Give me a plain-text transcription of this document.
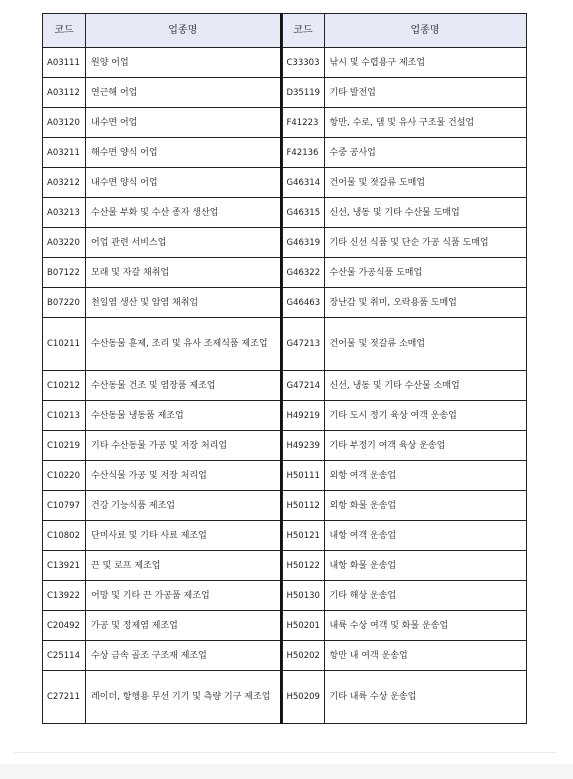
코드	업종명
A03111	원양 어업
A03112	연근해 어업
A03120	내수면 어업
A03211	해수면 양식 어업
A03212	내수면 양식 어업
A03213	수산물 부화 및 수산 종자 생산업
A03220	어업 관련 서비스업
B07122	모래 및 자갈 채취업
B07220	천일염 생산 및 암염 채취업
C10211	수산동물 훈제, 조리 및 유사 조제식품 제조업
C10212	수산동물 건조 및 염장품 제조업
C10213	수산동물 냉동품 제조업
C10219	기타 수산동물 가공 및 저장 처리업
C10220	수산식물 가공 및 저장 처리업
C10797	건강 기능식품 제조업
C10802	단미사료 및 기타 사료 제조업
C13921	끈 및 로프 제조업
C13922	어망 및 기타 끈 가공품 제조업
C20492	가공 및 정제염 제조업
C25114	수상 금속 골조 구조재 제조업
C27211	레이더, 항행용 무선 기기 및 측량 기구 제조업
코드	업종명
C33303	낚시 및 수렵용구 제조업
D35119	기타 발전업
F41223	항만, 수로, 댐 및 유사 구조물 건설업
F42136	수중 공사업
G46314	건어물 및 젓갈류 도매업
G46315	신선, 냉동 및 기타 수산물 도매업
G46319	기타 신선 식품 및 단순 가공 식품 도매업
G46322	수산물 가공식품 도매업
G46463	장난감 및 취미, 오락용품 도매업
G47213	건어물 및 젓갈류 소매업
G47214	신선, 냉동 및 기타 수산물 소매업
H49219	기타 도시 정기 육상 여객 운송업
H49239	기타 부정기 여객 육상 운송업
H50111	외항 여객 운송업
H50112	외항 화물 운송업
H50121	내항 여객 운송업
H50122	내항 화물 운송업
H50130	기타 해상 운송업
H50201	내륙 수상 여객 및 화물 운송업
H50202	항만 내 여객 운송업
H50209	기타 내륙 수상 운송업
